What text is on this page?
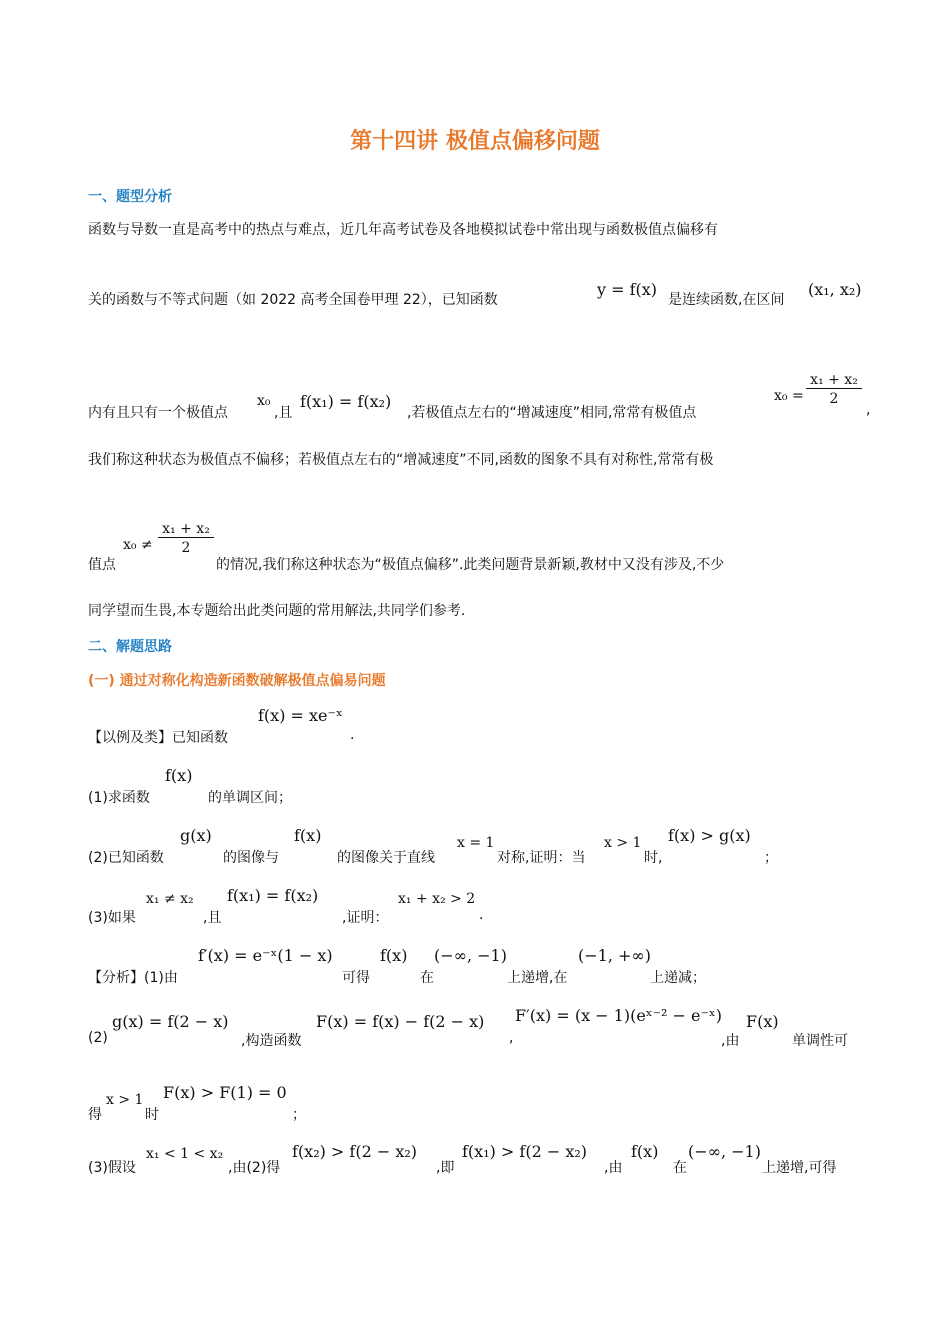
第十四讲 极值点偏移问题
一、题型分析
函数与导数一直是高考中的热点与难点，近几年高考试卷及各地模拟试卷中常出现与函数极值点偏移有
关的函数与不等式问题（如 2022 高考全国卷甲理 22），已知函数
y = f(x)
是连续函数,在区间
(x₁, x₂)
内有且只有一个极值点
x₀
,且
f(x₁) = f(x₂)
,若极值点左右的“增减速度”相同,常常有极值点
$x_0 = \frac{\text{x₁ + x₂}}{2}$
,
我们称这种状态为极值点不偏移；若极值点左右的“增减速度”不同,函数的图象不具有对称性,常常有极
值点
$x_0 \ne \frac{\text{x₁ + x₂}}{2}$
的情况,我们称这种状态为“极值点偏移”.此类问题背景新颖,教材中又没有涉及,不少
同学望而生畏,本专题给出此类问题的常用解法,共同学们参考.
二、解题思路
(一) 通过对称化构造新函数破解极值点偏易问题
【以例及类】已知函数
f(x) = xe⁻ˣ
.
(1)求函数
f(x)
的单调区间；
(2)已知函数
g(x)
的图像与
f(x)
的图像关于直线
x = 1
对称,证明：当
x > 1
时,
f(x) > g(x)
；
(3)如果
x₁ ≠ x₂
,且
f(x₁) = f(x₂)
,证明：
x₁ + x₂ > 2
.
【分析】(1)由
f′(x) = e⁻ˣ(1 − x)
可得
f(x)
在
(−∞, −1)
上递增,在
(−1, +∞)
上递减；
(2)
g(x) = f(2 − x)
,构造函数
F(x) = f(x) − f(2 − x)
,
F′(x) = (x − 1)(eˣ⁻² − e⁻ˣ)
,由
F(x)
单调性可
得
x > 1
时
F(x) > F(1) = 0
；
(3)假设
x₁ < 1 < x₂
,由(2)得
f(x₂) > f(2 − x₂)
,即
f(x₁) > f(2 − x₂)
,由
f(x)
在
(−∞, −1)
上递增,可得
